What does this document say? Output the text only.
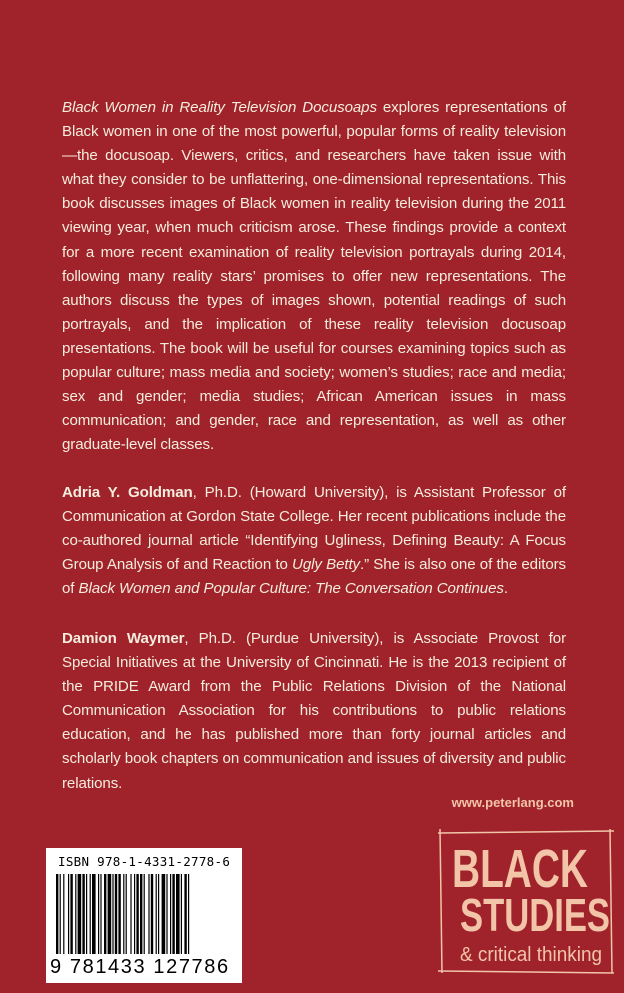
Black Women in Reality Television Docusoaps explores representations of Black women in one of the most powerful, popular forms of reality television—the docusoap. Viewers, critics, and researchers have taken issue with what they consider to be unflattering, one-dimensional representations. This book discusses images of Black women in reality television during the 2011 viewing year, when much criticism arose. These findings provide a context for a more recent examination of reality television portrayals during 2014, following many reality stars’ promises to offer new representations. The authors discuss the types of images shown, potential readings of such portrayals, and the implication of these reality television docusoap presentations. The book will be useful for courses examining topics such as popular culture; mass media and society; women’s studies; race and media; sex and gender; media studies; African American issues in mass communication; and gender, race and representation, as well as other graduate-level classes.
Adria Y. Goldman, Ph.D. (Howard University), is Assistant Professor of Communication at Gordon State College. Her recent publications include the co-authored journal article “Identifying Ugliness, Defining Beauty: A Focus Group Analysis of and Reaction to Ugly Betty.” She is also one of the editors of Black Women and Popular Culture: The Conversation Continues.
Damion Waymer, Ph.D. (Purdue University), is Associate Provost for Special Initiatives at the University of Cincinnati. He is the 2013 recipient of the PRIDE Award from the Public Relations Division of the National Communication Association for his contributions to public relations education, and he has published more than forty journal articles and scholarly book chapters on communication and issues of diversity and public relations.
www.peterlang.com
ISBN 978-1-4331-2778-6
9 781433 127786
BLACK
STUDIES
& critical thinking
